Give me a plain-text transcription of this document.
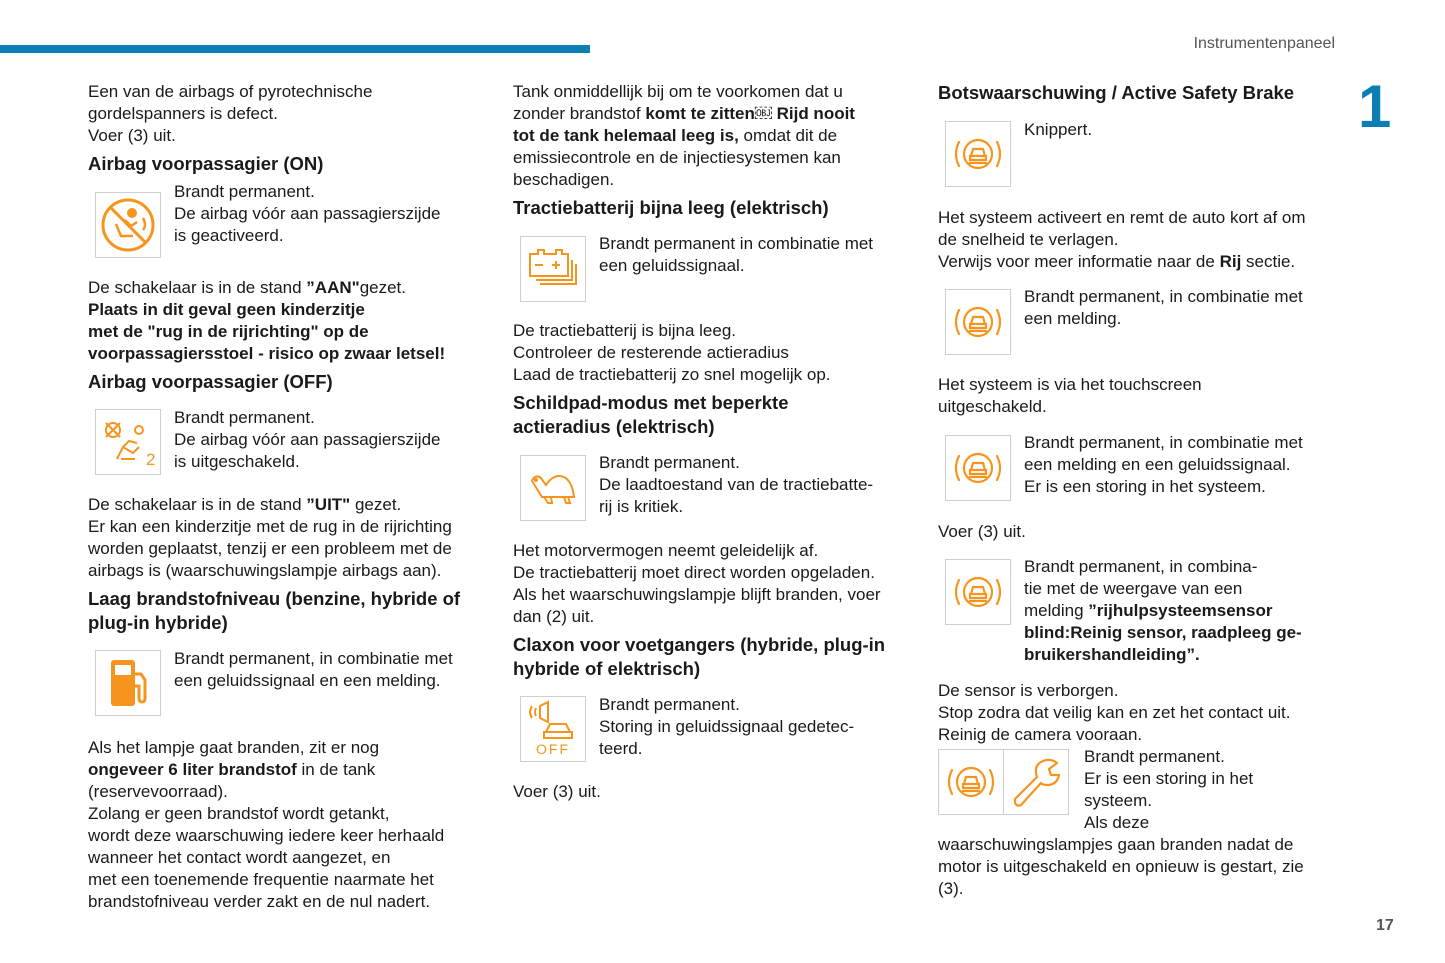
Instrumentenpaneel
1
17
Een van de airbags of pyrotechnische
gordelspanners is defect.
Voer (3) uit.
Airbag voorpassagier (ON)
Brandt permanent.
De airbag vóór aan passagierszijde
is geactiveerd.
De schakelaar is in de stand ”AAN"gezet.
Plaats in dit geval geen kinderzitje
met de "rug in de rijrichting" op de
voorpassagiersstoel - risico op zwaar letsel!
Airbag voorpassagier (OFF)
2
Brandt permanent.
De airbag vóór aan passagierszijde
is uitgeschakeld.
De schakelaar is in de stand ”UIT" gezet.
Er kan een kinderzitje met de rug in de rijrichting
worden geplaatst, tenzij er een probleem met de
airbags is (waarschuwingslampje airbags aan).
Laag brandstofniveau (benzine, hybride of
plug-in hybride)
Brandt permanent, in combinatie met
een geluidssignaal en een melding.
Als het lampje gaat branden, zit er nog
ongeveer 6 liter brandstof in de tank
(reservevoorraad).
Zolang er geen brandstof wordt getankt,
wordt deze waarschuwing iedere keer herhaald
wanneer het contact wordt aangezet, en
met een toenemende frequentie naarmate het
brandstofniveau verder zakt en de nul nadert.
Tank onmiddellijk bij om te voorkomen dat u
zonder brandstof komt te zitten￼ Rijd nooit
tot de tank helemaal leeg is, omdat dit de
emissiecontrole en de injectiesystemen kan
beschadigen.
Tractiebatterij bijna leeg (elektrisch)
Brandt permanent in combinatie met
een geluidssignaal.
De tractiebatterij is bijna leeg.
Controleer de resterende actieradius
Laad de tractiebatterij zo snel mogelijk op.
Schildpad-modus met beperkte
actieradius (elektrisch)
Brandt permanent.
De laadtoestand van de tractiebatte-
rij is kritiek.
Het motorvermogen neemt geleidelijk af.
De tractiebatterij moet direct worden opgeladen.
Als het waarschuwingslampje blijft branden, voer
dan (2) uit.
Claxon voor voetgangers (hybride, plug-in
hybride of elektrisch)
OFF
Brandt permanent.
Storing in geluidssignaal gedetec-
teerd.
Voer (3) uit.
Botswaarschuwing / Active Safety Brake
Knippert.
Het systeem activeert en remt de auto kort af om
de snelheid te verlagen.
Verwijs voor meer informatie naar de Rij sectie.
Brandt permanent, in combinatie met
een melding.
Het systeem is via het touchscreen
uitgeschakeld.
Brandt permanent, in combinatie met
een melding en een geluidssignaal.
Er is een storing in het systeem.
Voer (3) uit.
Brandt permanent, in combina-
tie met de weergave van een
melding ”rijhulpsysteemsensor
blind:Reinig sensor, raadpleeg ge-
bruikershandleiding”.
De sensor is verborgen.
Stop zodra dat veilig kan en zet het contact uit.
Reinig de camera vooraan.
Brandt permanent.
Er is een storing in het
systeem.
Als deze
waarschuwingslampjes gaan branden nadat de
motor is uitgeschakeld en opnieuw is gestart, zie
(3).
